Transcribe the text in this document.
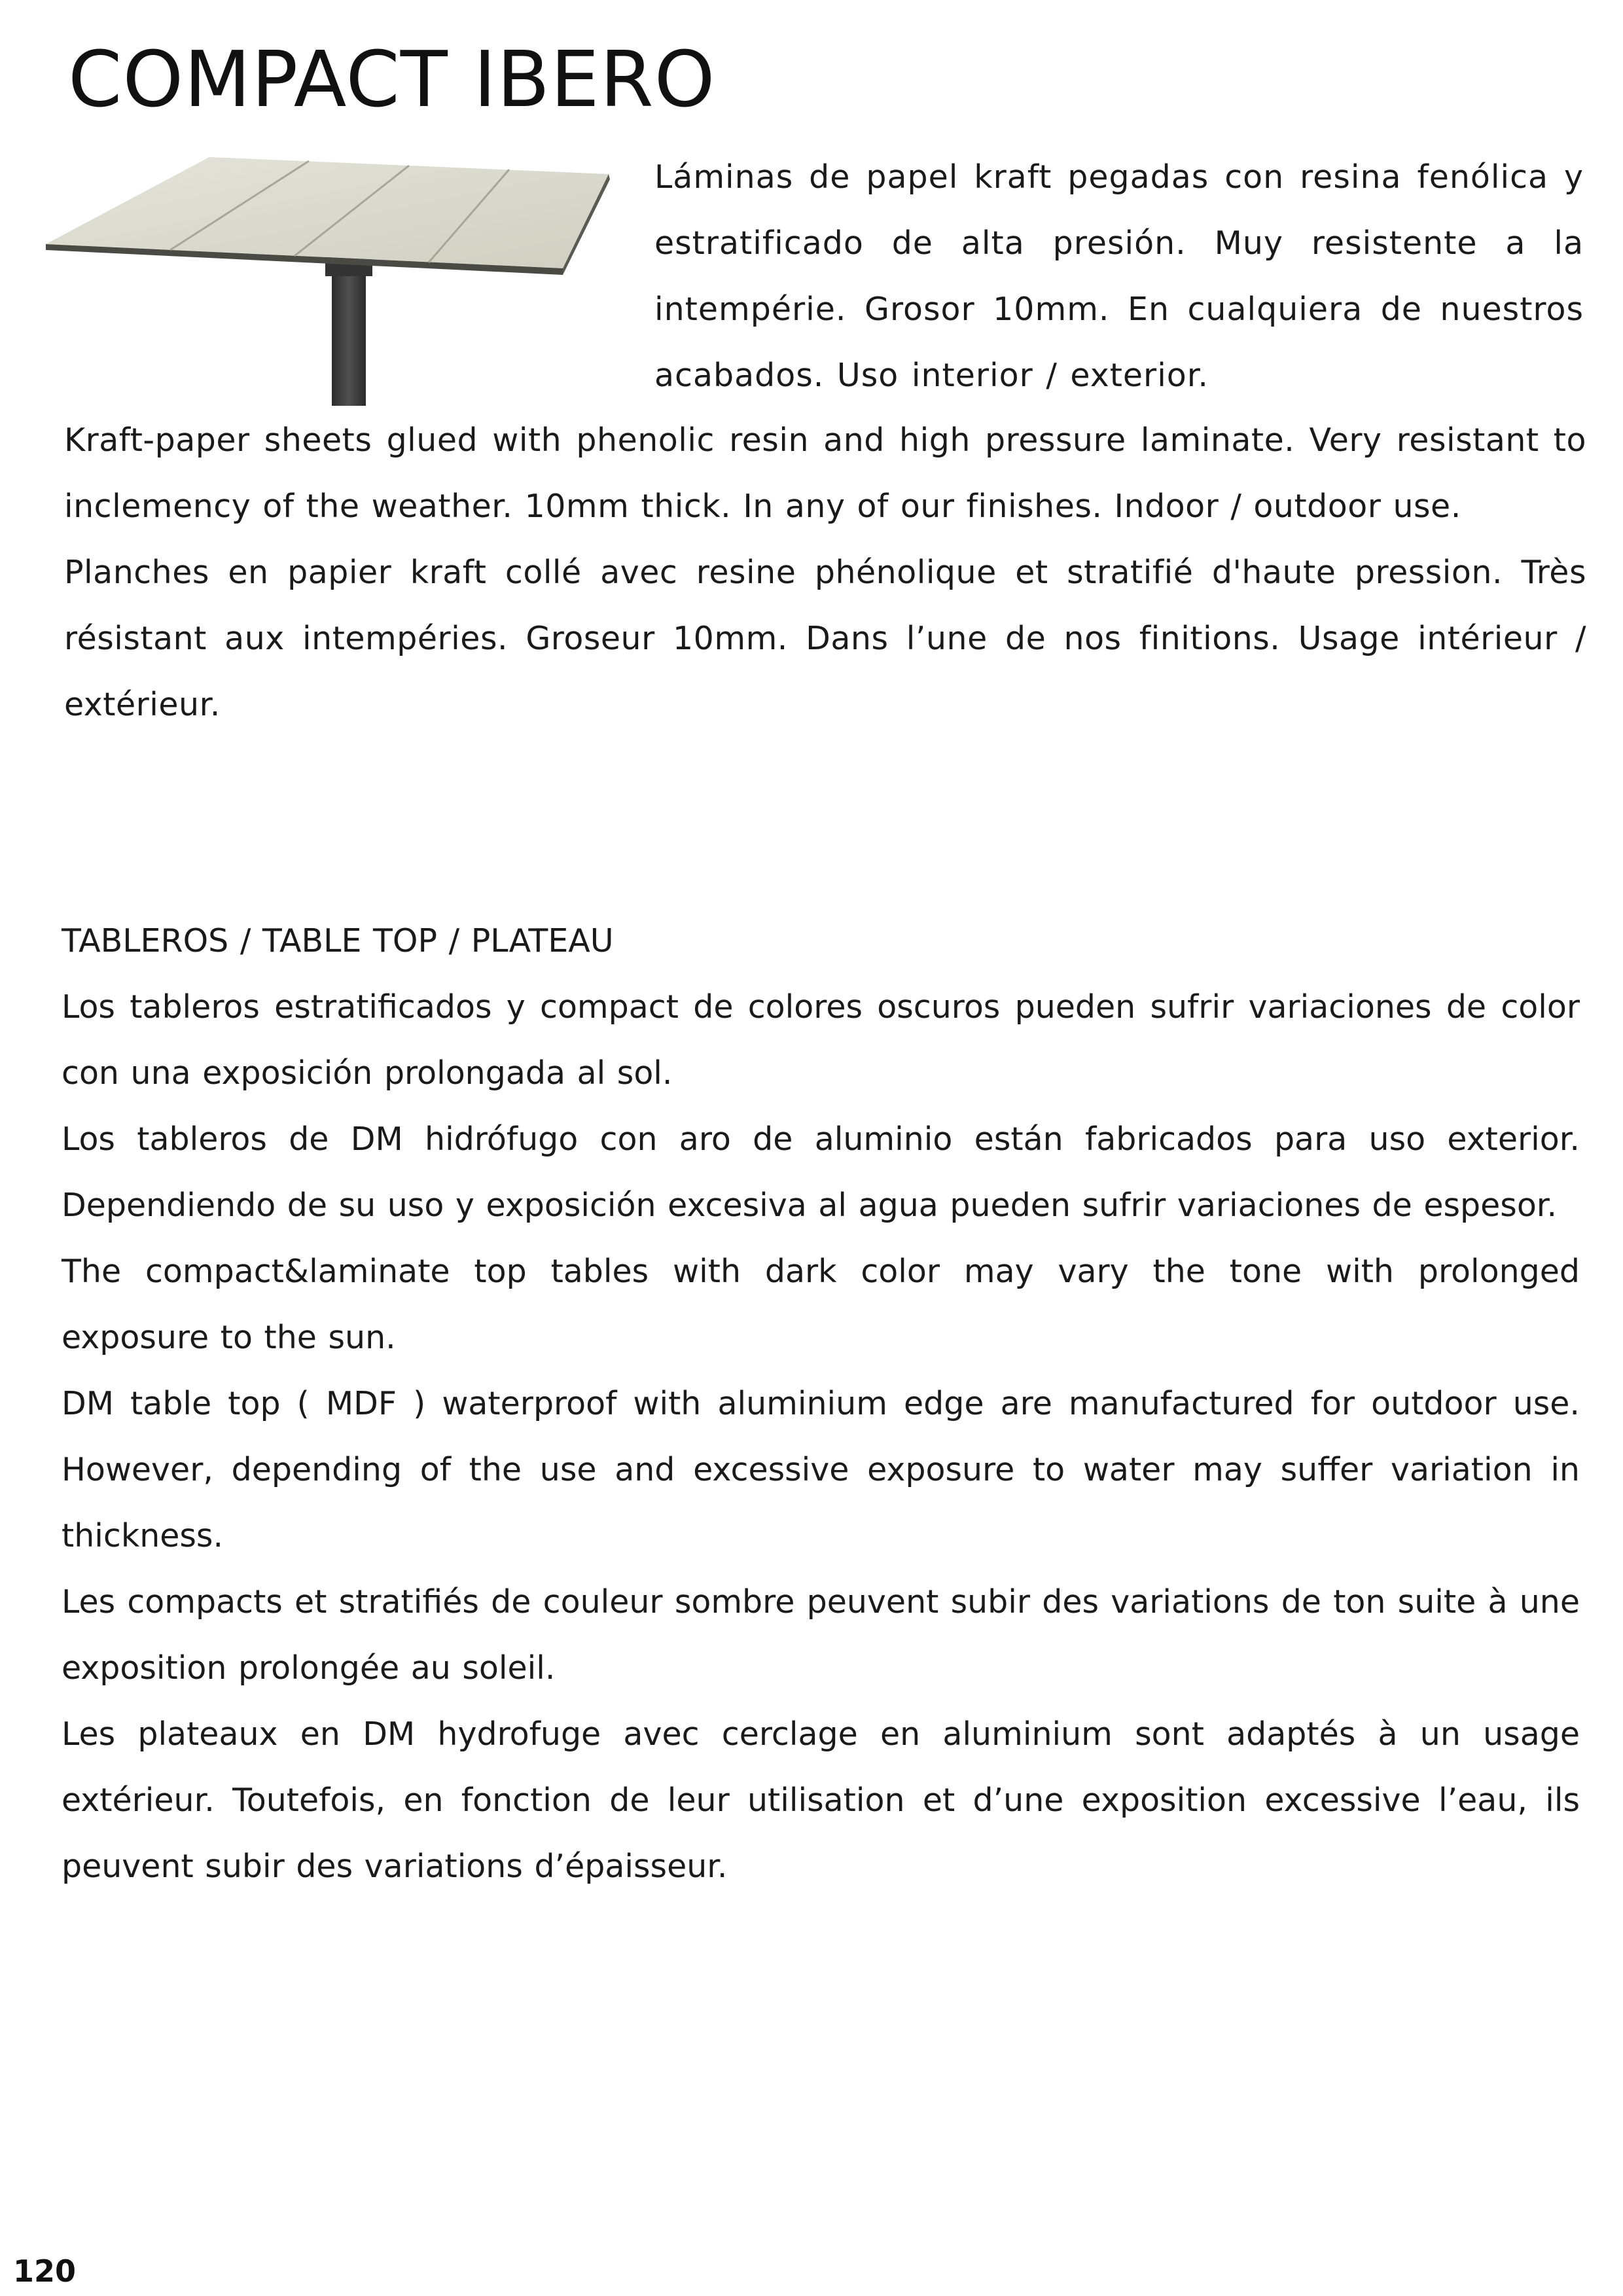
COMPACT IBERO

Láminas de papel kraft pegadas con resina fenólica y estratificado de alta presión. Muy resistente a la intempérie. Grosor 10mm. En cualquiera de nuestros acabados. Uso interior / exterior.

Kraft-paper sheets glued with phenolic resin and high pressure laminate. Very resistant to inclemency of the weather. 10mm thick. In any of our finishes. Indoor / outdoor use.

Planches en papier kraft collé avec resine phénolique et stratifié d'haute pression. Très résistant aux intempéries. Groseur 10mm. Dans l’une de nos finitions. Usage intérieur / extérieur.

TABLEROS / TABLE TOP / PLATEAU

Los tableros estratificados y compact de colores oscuros pueden sufrir variaciones de color con una exposición prolongada al sol.

Los tableros de DM hidrófugo con aro de aluminio están fabricados para uso exterior. Dependiendo de su uso y exposición excesiva al agua pueden sufrir variaciones de espesor.

The compact&laminate top tables with dark color may vary the tone with prolonged exposure to the sun.

DM table top ( MDF ) waterproof with aluminium edge are manufactured for outdoor use. However, depending of the use and excessive exposure to water may suffer variation in thickness.

Les compacts et stratifiés de couleur sombre peuvent subir des variations de ton suite à une exposition prolongée au soleil.

Les plateaux en DM hydrofuge avec cerclage en aluminium sont adaptés à un usage extérieur. Toutefois, en fonction de leur utilisation et d’une exposition excessive l’eau, ils peuvent subir des variations d’épaisseur.

120
